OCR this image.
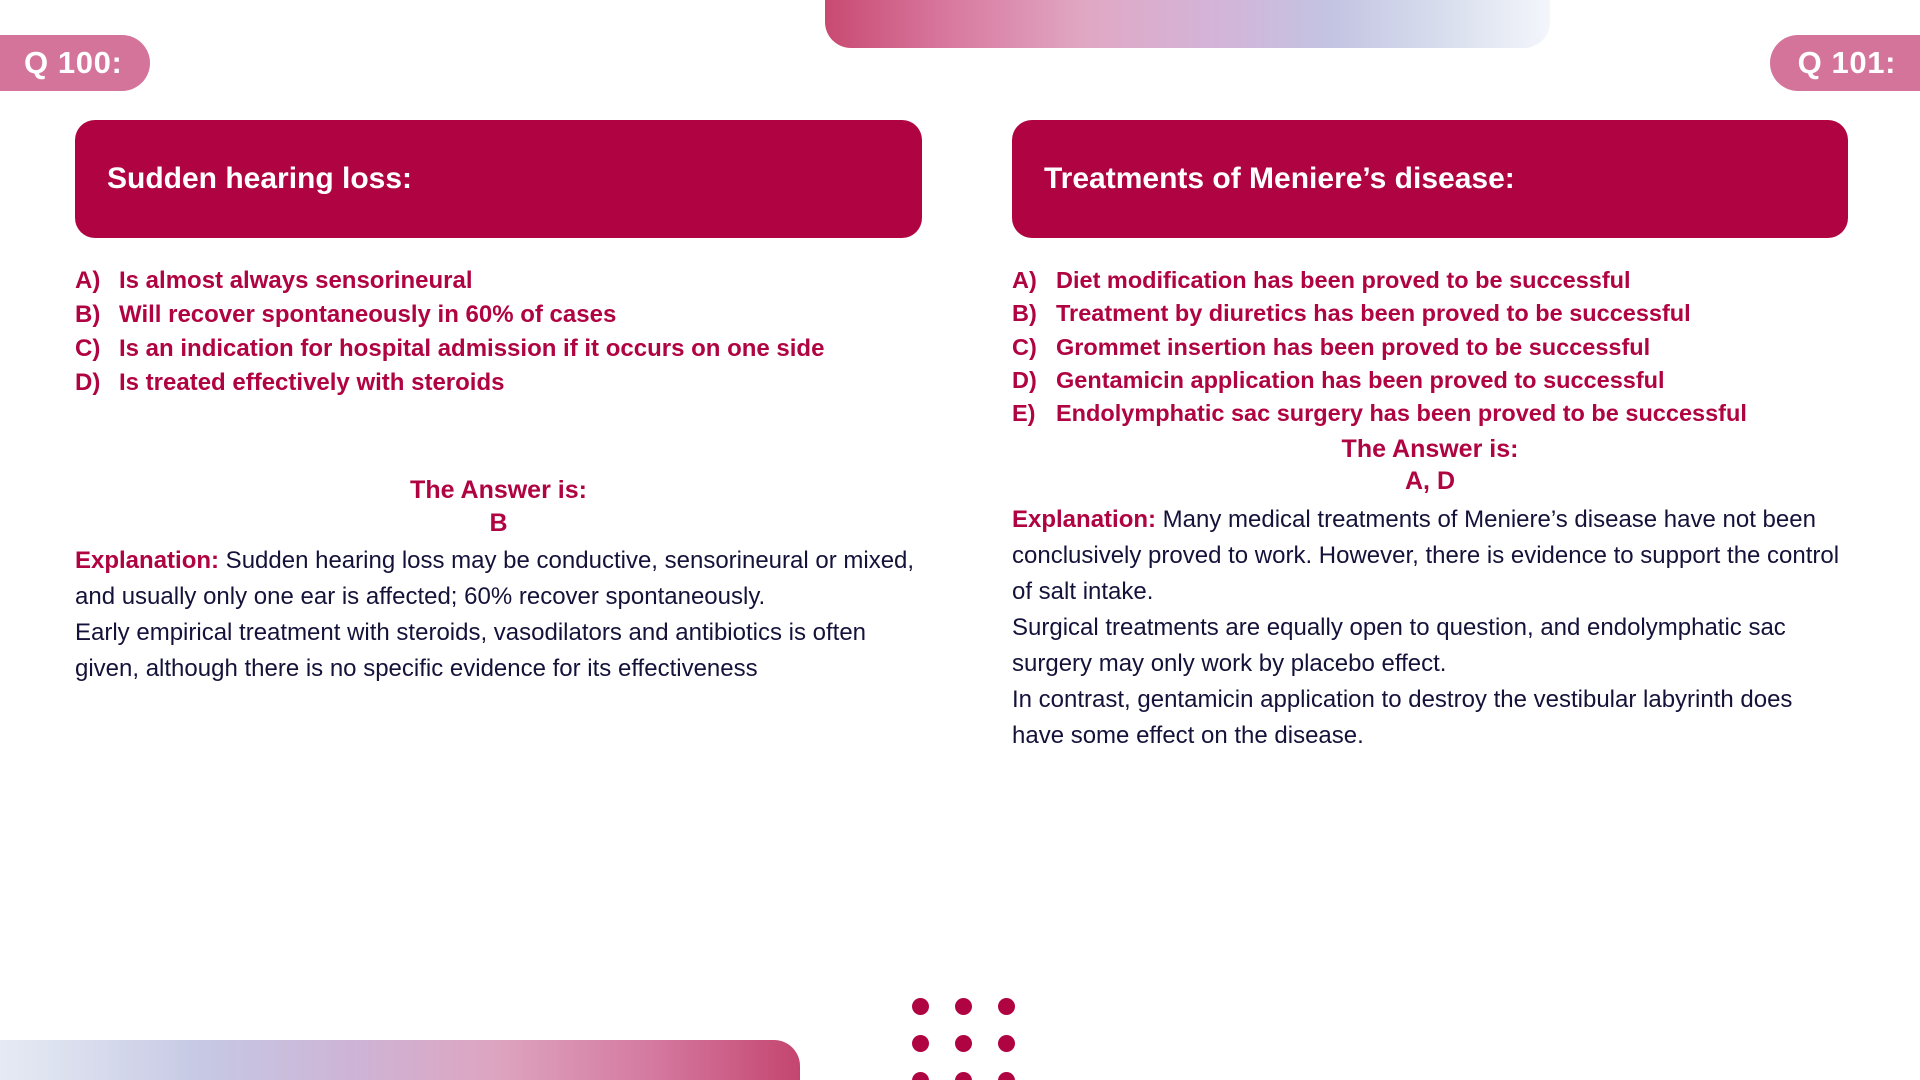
Q 100:	Q 101:
Sudden hearing loss:
A) Is almost always sensorineural
B) Will recover spontaneously in 60% of cases
C) Is an indication for hospital admission if it occurs on one side
D) Is treated effectively with steroids
The Answer is:
B

Explanation: Sudden hearing loss may be conductive, sensorineural or mixed, and usually only one ear is affected; 60% recover spontaneously.

Early empirical treatment with steroids, vasodilators and antibiotics is often given, although there is no specific evidence for its effectiveness

Treatments of Meniere’s disease:
A) Diet modification has been proved to be successful
B) Treatment by diuretics has been proved to be successful
C) Grommet insertion has been proved to be successful
D) Gentamicin application has been proved to successful
E) Endolymphatic sac surgery has been proved to be successful
The Answer is:
A, D

Explanation: Many medical treatments of Meniere’s disease have not been conclusively proved to work. However, there is evidence to support the control of salt intake.

Surgical treatments are equally open to question, and endolymphatic sac surgery may only work by placebo effect.

In contrast, gentamicin application to destroy the vestibular labyrinth does have some effect on the disease.
